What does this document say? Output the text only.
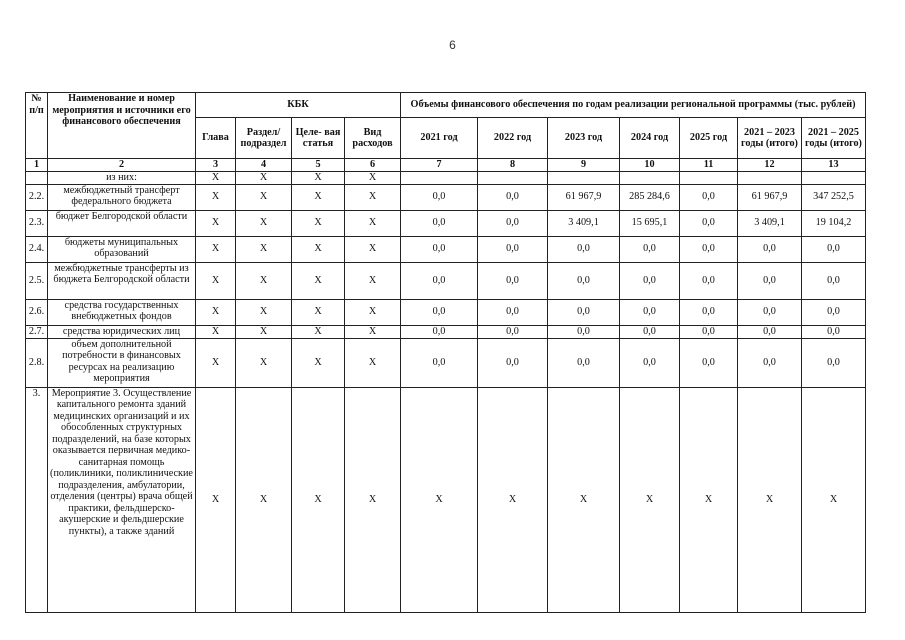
6
№ п/п	Наименование и номер мероприятия и источники его финансового обеспечения	КБК				Объемы финансового обеспечения по годам реализации региональной программы (тыс. рублей)						
		Глава	Раздел/ подраздел	Целе- вая статья	Вид расходов	2021 год	2022 год	2023 год	2024 год	2025 год	2021 – 2023 годы (итого)	2021 – 2025 годы (итого)
1	2	3	4	5	6	7	8	9	10	11	12	13
	из них:	X	X	X	X							
2.2.	межбюджетный трансферт федерального бюджета	X	X	X	X	0,0	0,0	61 967,9	285 284,6	0,0	61 967,9	347 252,5
2.3.	бюджет Белгородской области	X	X	X	X	0,0	0,0	3 409,1	15 695,1	0,0	3 409,1	19 104,2
2.4.	бюджеты муниципальных образований	X	X	X	X	0,0	0,0	0,0	0,0	0,0	0,0	0,0
2.5.	межбюджетные трансферты из бюджета Белгородской области	X	X	X	X	0,0	0,0	0,0	0,0	0,0	0,0	0,0
2.6.	средства государственных внебюджетных фондов	X	X	X	X	0,0	0,0	0,0	0,0	0,0	0,0	0,0
2.7.	средства юридических лиц	X	X	X	X	0,0	0,0	0,0	0,0	0,0	0,0	0,0
2.8.	объем дополнительной потребности в финансовых ресурсах на реализацию мероприятия	X	X	X	X	0,0	0,0	0,0	0,0	0,0	0,0	0,0
3.	Мероприятие 3. Осуществление капитального ремонта зданий медицинских организаций и их обособленных структурных подразделений, на базе которых оказывается первичная медико-санитарная помощь (поликлиники, поликлинические подразделения, амбулатории, отделения (центры) врача общей практики, фельдшерско-акушерские и фельдшерские пункты), а также зданий	X	X	X	X	X	X	X	X	X	X	X
